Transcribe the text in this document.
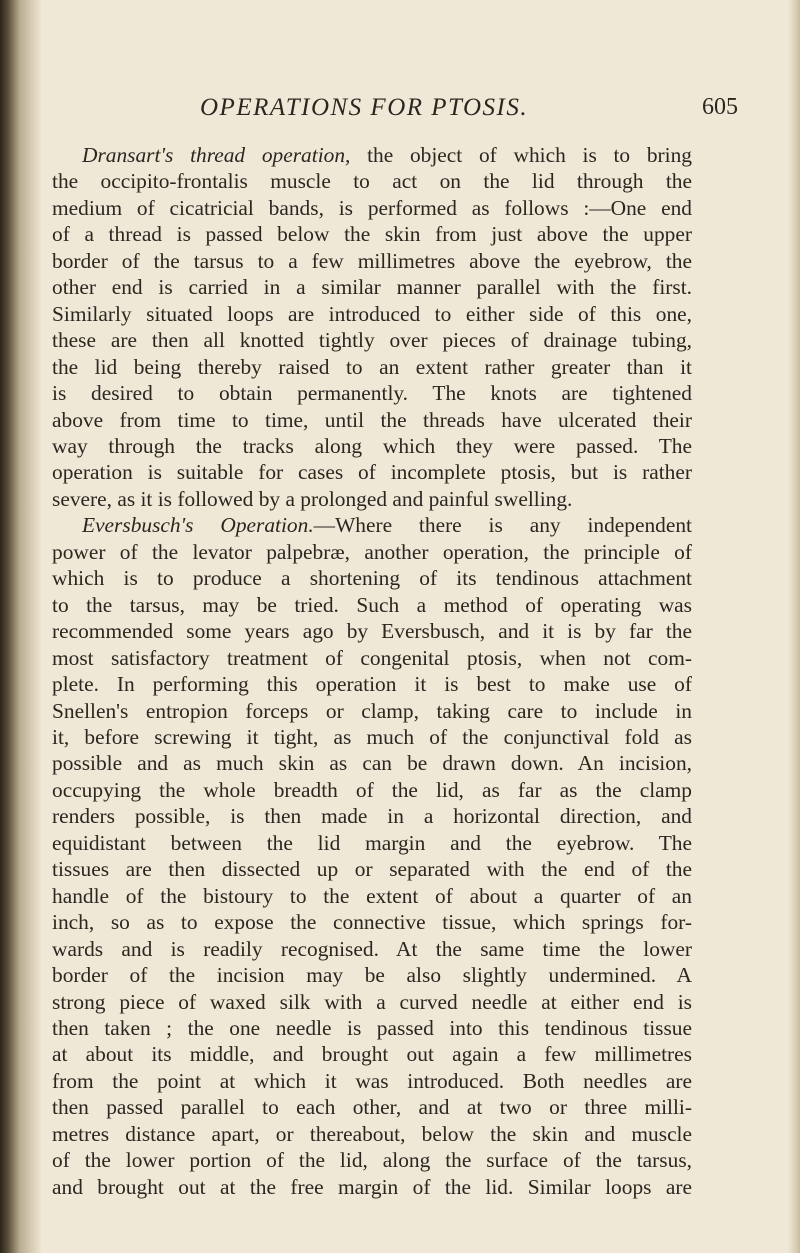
OPERATIONS FOR PTOSIS.	605
Dransart's thread operation, the object of which is to bring
the occipito-frontalis muscle to act on the lid through the
medium of cicatricial bands, is performed as follows :—One end
of a thread is passed below the skin from just above the upper
border of the tarsus to a few millimetres above the eyebrow, the
other end is carried in a similar manner parallel with the first.
Similarly situated loops are introduced to either side of this one,
these are then all knotted tightly over pieces of drainage tubing,
the lid being thereby raised to an extent rather greater than it
is desired to obtain permanently. The knots are tightened
above from time to time, until the threads have ulcerated their
way through the tracks along which they were passed. The
operation is suitable for cases of incomplete ptosis, but is rather
severe, as it is followed by a prolonged and painful swelling.
Eversbusch's Operation.—Where there is any independent
power of the levator palpebræ, another operation, the principle of
which is to produce a shortening of its tendinous attachment
to the tarsus, may be tried. Such a method of operating was
recommended some years ago by Eversbusch, and it is by far the
most satisfactory treatment of congenital ptosis, when not com-
plete. In performing this operation it is best to make use of
Snellen's entropion forceps or clamp, taking care to include in
it, before screwing it tight, as much of the conjunctival fold as
possible and as much skin as can be drawn down. An incision,
occupying the whole breadth of the lid, as far as the clamp
renders possible, is then made in a horizontal direction, and
equidistant between the lid margin and the eyebrow. The
tissues are then dissected up or separated with the end of the
handle of the bistoury to the extent of about a quarter of an
inch, so as to expose the connective tissue, which springs for-
wards and is readily recognised. At the same time the lower
border of the incision may be also slightly undermined. A
strong piece of waxed silk with a curved needle at either end is
then taken ; the one needle is passed into this tendinous tissue
at about its middle, and brought out again a few millimetres
from the point at which it was introduced. Both needles are
then passed parallel to each other, and at two or three milli-
metres distance apart, or thereabout, below the skin and muscle
of the lower portion of the lid, along the surface of the tarsus,
and brought out at the free margin of the lid. Similar loops are
